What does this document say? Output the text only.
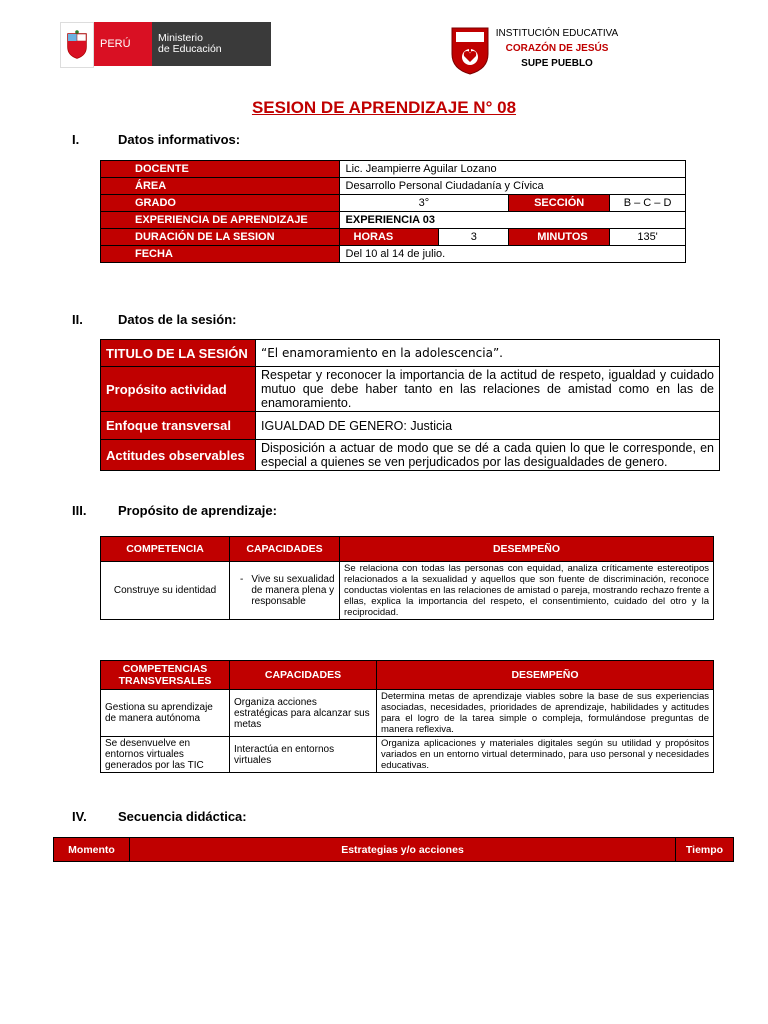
PERÚ	Ministerio
de Educación
INSTITUCIÓN EDUCATIVA
CORAZÓN DE JESÚS
SUPE PUEBLO
SESION DE APRENDIZAJE N° 08
I.	Datos informativos:
DOCENTE	Lic. Jeampierre Aguilar Lozano			
ÁREA	Desarrollo Personal Ciudadanía y Cívica			
GRADO	3°		SECCIÓN	B – C – D
EXPERIENCIA DE APRENDIZAJE	EXPERIENCIA 03			
DURACIÓN DE LA SESION	HORAS	3	MINUTOS	135'
FECHA	Del 10 al 14 de julio.			
II.	Datos de la sesión:
TITULO DE LA SESIÓN	“El enamoramiento en la adolescencia”.
Propósito actividad	Respetar y reconocer la importancia de la actitud de respeto, igualdad y cuidado mutuo que debe haber tanto en las relaciones de amistad como en las de enamoramiento.
Enfoque transversal	IGUALDAD DE GENERO: Justicia
Actitudes observables	Disposición a actuar de modo que se dé a cada quien lo que le corresponde, en especial a quienes se ven perjudicados por las desigualdades de genero.
III. Propósito de aprendizaje:
COMPETENCIA	CAPACIDADES	DESEMPEÑO
Construye su identidad	- Vive su sexualidad de manera plena y responsable	Se relaciona con todas las personas con equidad, analiza críticamente estereotipos relacionados a la sexualidad y aquellos que son fuente de discriminación, reconoce conductas violentas en las relaciones de amistad o pareja, mostrando rechazo frente a ellas, explica la importancia del respeto, el consentimiento, cuidado del otro y la reciprocidad.
COMPETENCIAS TRANSVERSALES	CAPACIDADES	DESEMPEÑO
Gestiona su aprendizaje de manera autónoma	Organiza acciones estratégicas para alcanzar sus metas	Determina metas de aprendizaje viables sobre la base de sus experiencias asociadas, necesidades, prioridades de aprendizaje, habilidades y actitudes para el logro de la tarea simple o compleja, formulándose preguntas de manera reflexiva.
Se desenvuelve en entornos virtuales generados por las TIC	Interactúa en entornos virtuales	Organiza aplicaciones y materiales digitales según su utilidad y propósitos variados en un entorno virtual determinado, para uso personal y necesidades educativas.
IV. Secuencia didáctica:
Momento	Estrategias y/o acciones	Tiempo
